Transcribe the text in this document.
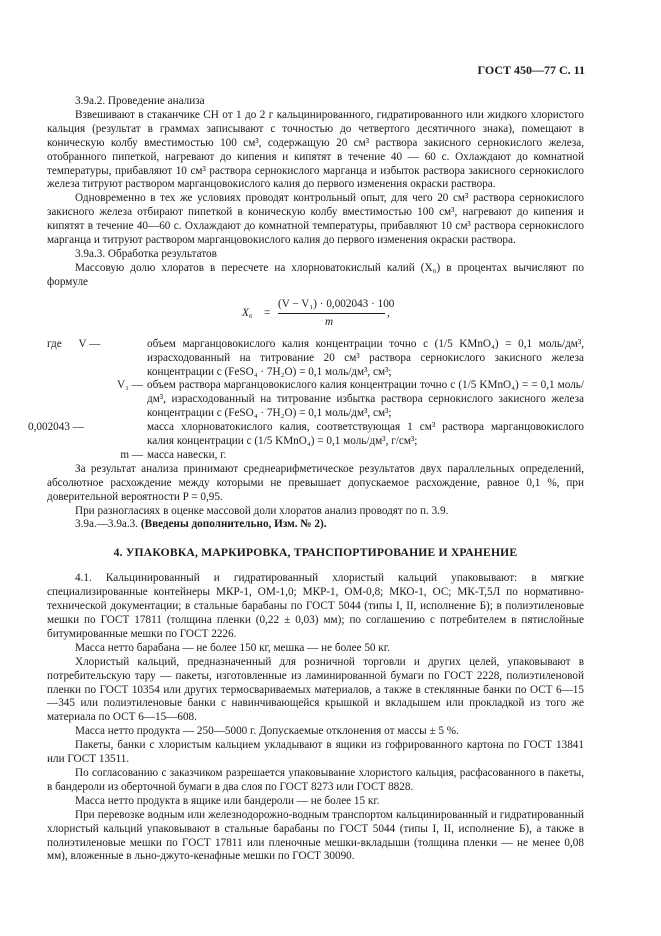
ГОСТ 450—77 С. 11

3.9а.2. Проведение анализа

Взвешивают в стаканчике СН от 1 до 2 г кальцинированного, гидратированного или жидкого хлористого кальция (результат в граммах записывают с точностью до четвертого десятичного знака), помещают в коническую колбу вместимостью 100 см³, содержащую 20 см³ раствора закисного сернокислого железа, отобранного пипеткой, нагревают до кипения и кипятят в течение 40 — 60 с. Охлаждают до комнатной температуры, прибавляют 10 см³ раствора сернокислого марганца и избыток раствора закисного сернокислого железа титруют раствором марганцовокислого калия до первого изменения окраски раствора.

Одновременно в тех же условиях проводят контрольный опыт, для чего 20 см³ раствора сернокислого закисного железа отбирают пипеткой в коническую колбу вместимостью 100 см³, нагревают до кипения и кипятят в течение 40—60 с. Охлаждают до комнатной температуры, прибавляют 10 см³ раствора сернокислого марганца и титруют раствором марганцовокислого калия до первого изменения окраски раствора.

3.9а.3. Обработка результатов

Массовую долю хлоратов в пересчете на хлорноватокислый калий (X₆) в процентах вычисляют по формуле

X₆ =
(V − V₁) · 0,002043 · 100
m
,
где      V —	объем марганцовокислого калия концентрации точно c (1/5 KMnO₄) = 0,1 моль/дм³, израсходованный на титрование 20 см³ раствора сернокислого закисного железа концентрации c (FeSO₄ · 7H₂O) = 0,1 моль/дм³, см³;
V₁ — объем раствора марганцовокислого калия концентрации точно c (1/5 KMnO₄) = = 0,1 моль/дм³, израсходованный на титрование избытка раствора сернокислого закисного железа концентрации c (FeSO₄ · 7H₂O) = 0,1 моль/дм³, см³;
0,002043 —	масса хлорноватокислого калия, соответствующая 1 см³ раствора марганцовокислого калия концентрации c (1/5 KMnO₄) = 0,1 моль/дм³, г/см³;
m — масса навески, г.

За результат анализа принимают среднеарифметическое результатов двух параллельных определений, абсолютное расхождение между которыми не превышает допускаемое расхождение, равное 0,1 %, при доверительной вероятности P = 0,95.

При разногласиях в оценке массовой доли хлоратов анализ проводят по п. 3.9.

3.9а.—3.9а.3. (Введены дополнительно, Изм. № 2).

4. УПАКОВКА, МАРКИРОВКА, ТРАНСПОРТИРОВАНИЕ И ХРАНЕНИЕ

4.1. Кальцинированный и гидратированный хлористый кальций упаковывают: в мягкие специализированные контейнеры МКР-1, ОМ-1,0; МКР-1, ОМ-0,8; МКО-1, ОС; МК-Т,5Л по нормативно-технической документации; в стальные барабаны по ГОСТ 5044 (типы I, II, исполнение Б); в полиэтиленовые мешки по ГОСТ 17811 (толщина пленки (0,22 ± 0,03) мм); по соглашению с потребителем в пятислойные битумированные мешки по ГОСТ 2226.

Масса нетто барабана — не более 150 кг, мешка — не более 50 кг.

Хлористый кальций, предназначенный для розничной торговли и других целей, упаковывают в потребительскую тару — пакеты, изготовленные из ламинированной бумаги по ГОСТ 2228, полиэтиленовой пленки по ГОСТ 10354 или других термосвариваемых материалов, а также в стеклянные банки по ОСТ 6—15—345 или полиэтиленовые банки с навинчивающейся крышкой и вкладышем или прокладкой из того же материала по ОСТ 6—15—608.

Масса нетто продукта — 250—5000 г. Допускаемые отклонения от массы ± 5 %.

Пакеты, банки с хлористым кальцием укладывают в ящики из гофрированного картона по ГОСТ 13841 или ГОСТ 13511.

По согласованию с заказчиком разрешается упаковывание хлористого кальция, расфасованного в пакеты, в бандероли из оберточной бумаги в два слоя по ГОСТ 8273 или ГОСТ 8828.

Масса нетто продукта в ящике или бандероли — не более 15 кг.

При перевозке водным или железнодорожно-водным транспортом кальцинированный и гидратированный хлористый кальций упаковывают в стальные барабаны по ГОСТ 5044 (типы I, II, исполнение Б), а также в полиэтиленовые мешки по ГОСТ 17811 или пленочные мешки-вкладыши (толщина пленки — не менее 0,08 мм), вложенные в льно-джуто-кенафные мешки по ГОСТ 30090.
